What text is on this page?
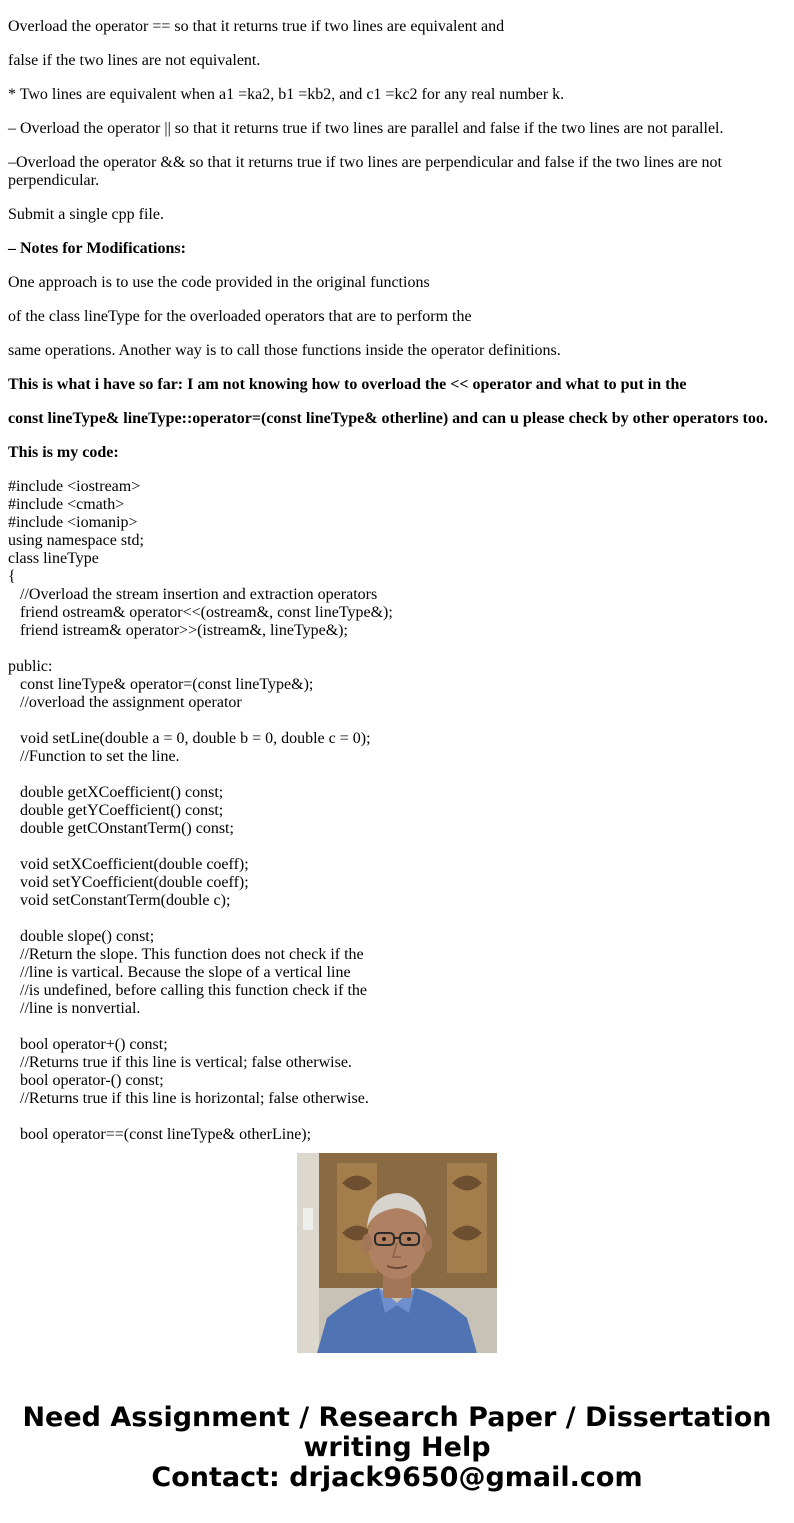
Overload the operator == so that it returns true if two lines are equivalent and

false if the two lines are not equivalent.

* Two lines are equivalent when a1 =ka2, b1 =kb2, and c1 =kc2 for any real number k.

– Overload the operator || so that it returns true if two lines are parallel and false if the two lines are not parallel.

–Overload the operator && so that it returns true if two lines are perpendicular and false if the two lines are not perpendicular.

Submit a single cpp file.

– Notes for Modifications:

One approach is to use the code provided in the original functions

of the class lineType for the overloaded operators that are to perform the

same operations. Another way is to call those functions inside the operator definitions.

This is what i have so far: I am not knowing how to overload the << operator and what to put in the

const lineType& lineType::operator=(const lineType& otherline) and can u please check by other operators too.

This is my code:

#include <iostream>
#include <cmath>
#include <iomanip>
using namespace std;
class lineType
{
//Overload the stream insertion and extraction operators
friend ostream& operator<<(ostream&, const lineType&);
friend istream& operator>>(istream&, lineType&);
public:
const lineType& operator=(const lineType&);
//overload the assignment operator
void setLine(double a = 0, double b = 0, double c = 0);
//Function to set the line.
double getXCoefficient() const;
double getYCoefficient() const;
double getCOnstantTerm() const;
void setXCoefficient(double coeff);
void setYCoefficient(double coeff);
void setConstantTerm(double c);
double slope() const;
//Return the slope. This function does not check if the
//line is vartical. Because the slope of a vertical line
//is undefined, before calling this function check if the
//line is nonvertial.
bool operator+() const;
//Returns true if this line is vertical; false otherwise.
bool operator-() const;
//Returns true if this line is horizontal; false otherwise.
bool operator==(const lineType& otherLine);
Need Assignment / Research Paper / Dissertation
writing Help
Contact: drjack9650@gmail.com
